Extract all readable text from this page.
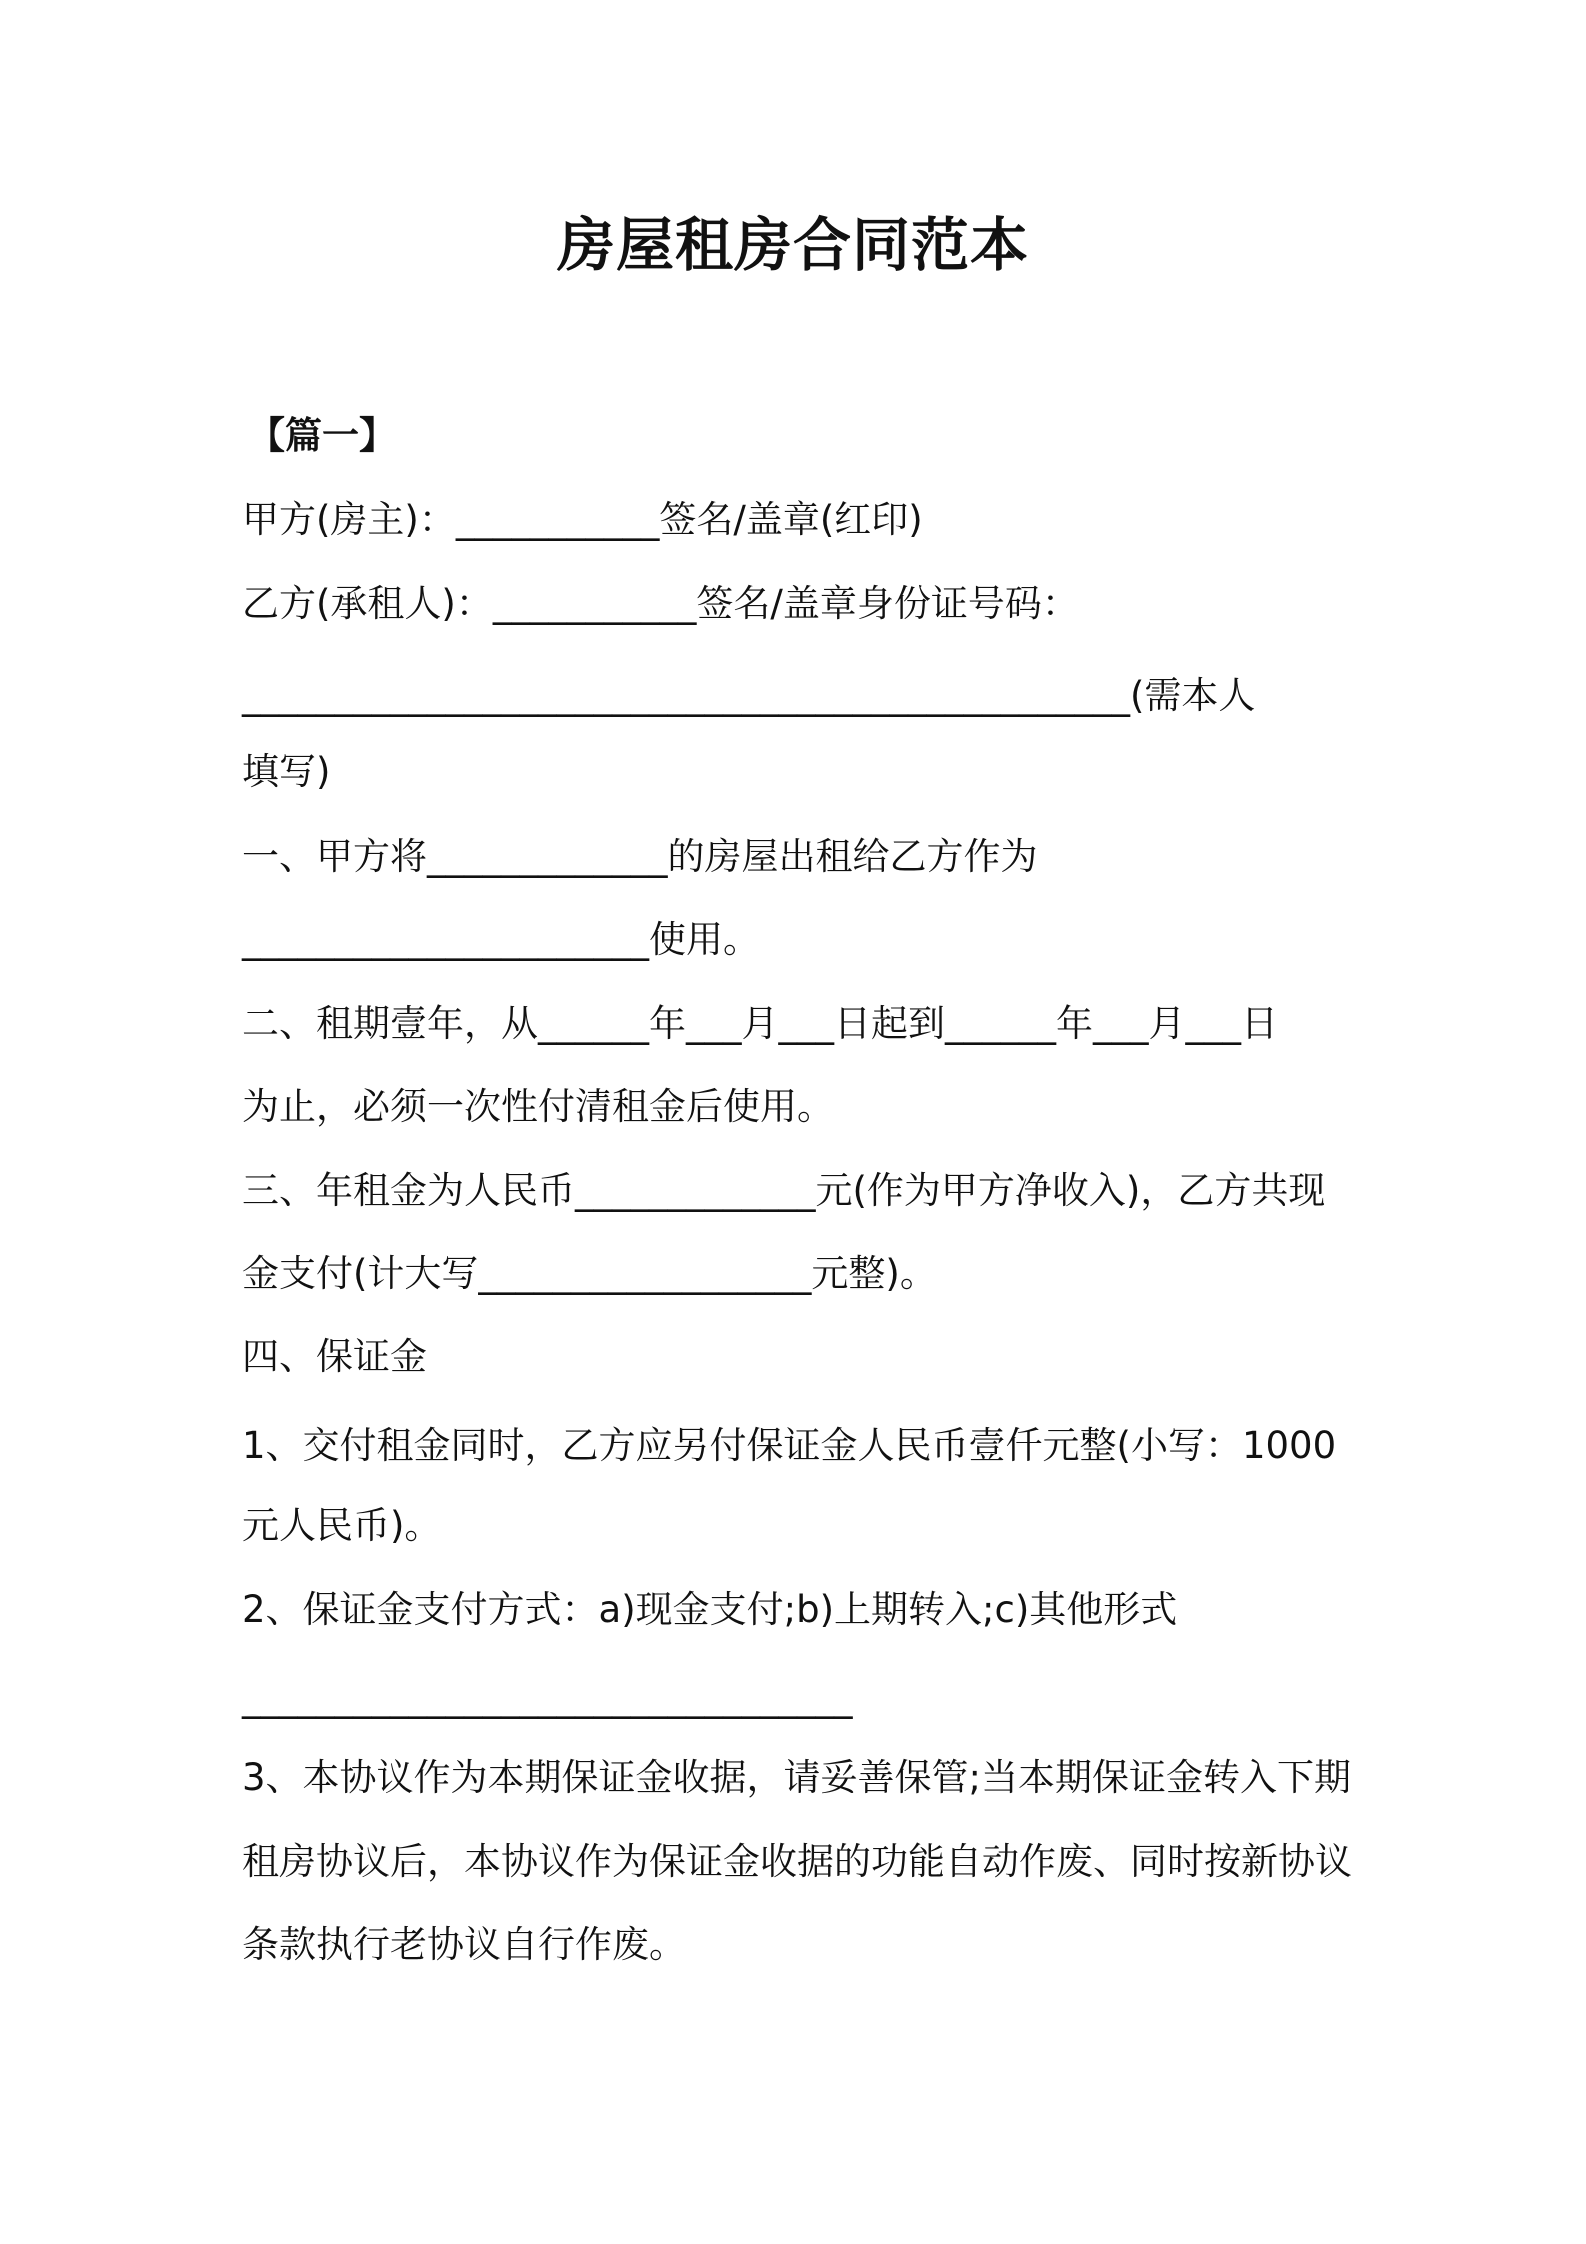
房屋租房合同范本
【篇一】
甲方(房主)：___________签名/盖章(红印)
乙方(承租人)：___________签名/盖章身份证号码：
________________________________________________(需本人
填写)
一、甲方将_____________的房屋出租给乙方作为
______________________使用。
二、租期壹年，从______年___月___日起到______年___月___日
为止，必须一次性付清租金后使用。
三、年租金为人民币_____________元(作为甲方净收入)，乙方共现
金支付(计大写__________________元整)。
四、保证金
1、交付租金同时，乙方应另付保证金人民币壹仟元整(小写：1000
元人民币)。
2、保证金支付方式：a)现金支付;b)上期转入;c)其他形式
_________________________________
3、本协议作为本期保证金收据，请妥善保管;当本期保证金转入下期
租房协议后，本协议作为保证金收据的功能自动作废、同时按新协议
条款执行老协议自行作废。
